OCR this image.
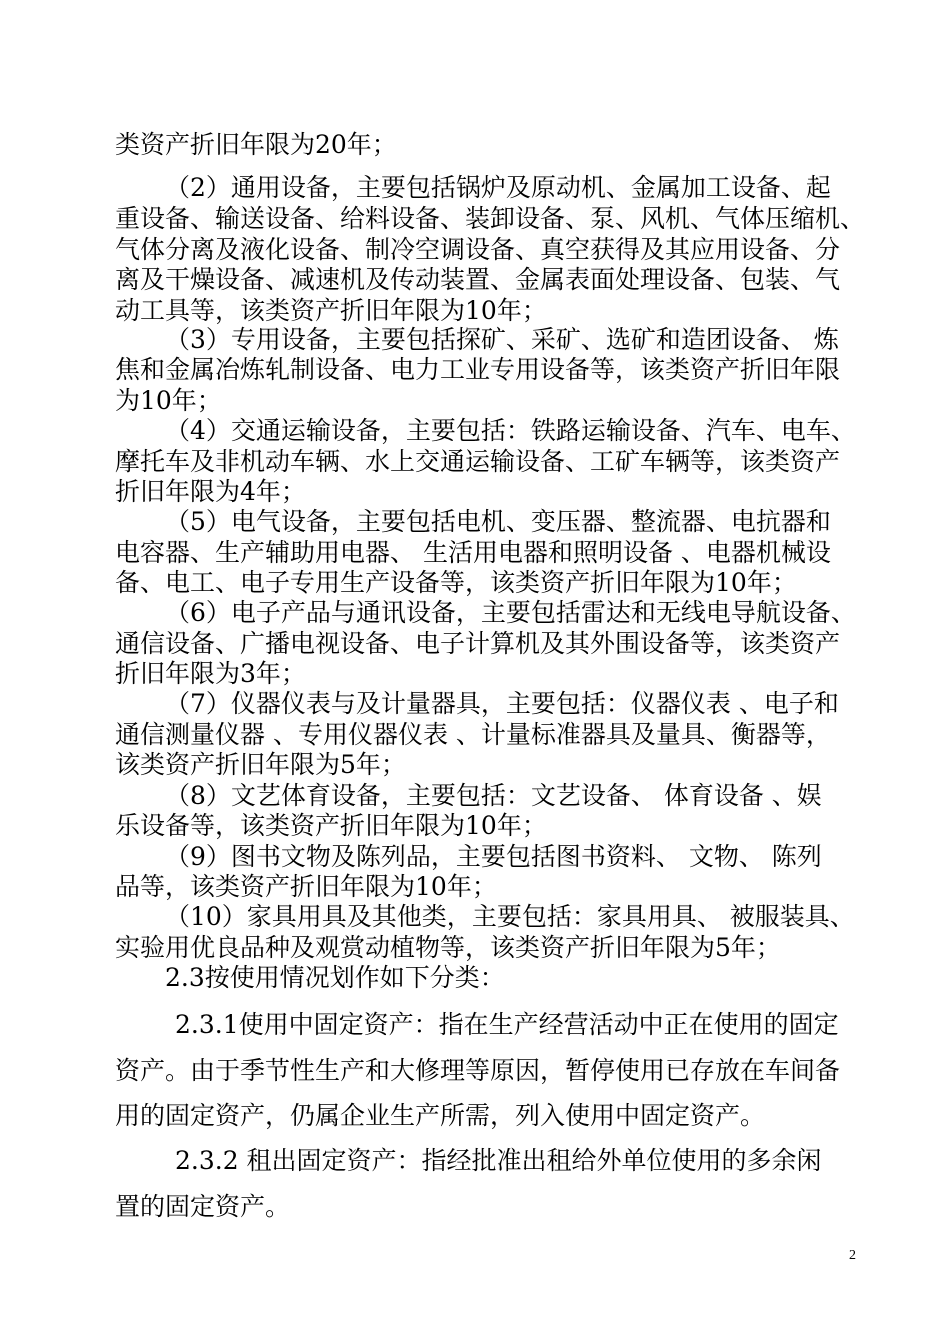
类资产折旧年限为20年；
（2）通用设备，主要包括锅炉及原动机、金属加工设备、起
重设备、输送设备、给料设备、装卸设备、泵、风机、气体压缩机、
气体分离及液化设备、制冷空调设备、真空获得及其应用设备、分
离及干燥设备、减速机及传动装置、金属表面处理设备、包装、气
动工具等，该类资产折旧年限为10年；
（3）专用设备，主要包括探矿、采矿、选矿和造团设备、 炼
焦和金属冶炼轧制设备、电力工业专用设备等，该类资产折旧年限
为10年；
（4）交通运输设备，主要包括：铁路运输设备、汽车、电车、
摩托车及非机动车辆、水上交通运输设备、工矿车辆等，该类资产
折旧年限为4年；
（5）电气设备，主要包括电机、变压器、整流器、电抗器和
电容器、生产辅助用电器、 生活用电器和照明设备 、电器机械设
备、电工、电子专用生产设备等，该类资产折旧年限为10年；
（6）电子产品与通讯设备，主要包括雷达和无线电导航设备、
通信设备、广播电视设备、电子计算机及其外围设备等，该类资产
折旧年限为3年；
（7）仪器仪表与及计量器具，主要包括：仪器仪表 、电子和
通信测量仪器 、专用仪器仪表 、计量标准器具及量具、衡器等，
该类资产折旧年限为5年；
（8）文艺体育设备，主要包括：文艺设备、 体育设备 、娱
乐设备等，该类资产折旧年限为10年；
（9）图书文物及陈列品，主要包括图书资料、 文物、 陈列
品等，该类资产折旧年限为10年；
（10）家具用具及其他类，主要包括：家具用具、 被服装具、
实验用优良品种及观赏动植物等，该类资产折旧年限为5年；
2.3按使用情况划作如下分类：
2.3.1使用中固定资产：指在生产经营活动中正在使用的固定
资产。由于季节性生产和大修理等原因，暂停使用已存放在车间备
用的固定资产，仍属企业生产所需，列入使用中固定资产。
2.3.2 租出固定资产：指经批准出租给外单位使用的多余闲
置的固定资产。
2
